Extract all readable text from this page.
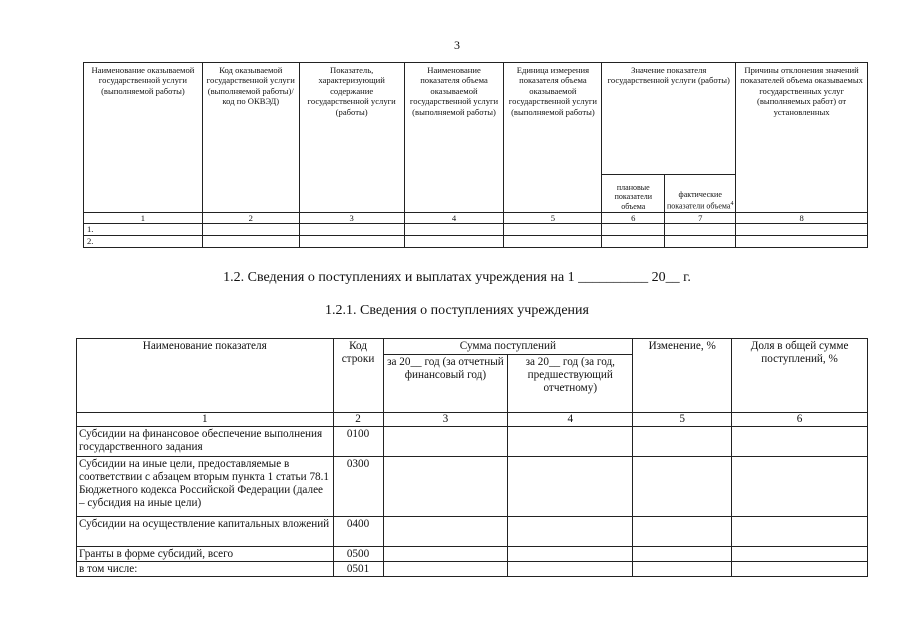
3
Наименование оказываемой государственной услуги (выполняемой работы)	Код оказываемой государственной услуги (выполняемой работы)/код по ОКВЭД)	Показатель, характеризующий содержание государственной услуги (работы)	Наименование показателя объема оказываемой государственной услуги (выполняемой работы)	Единица измерения показателя объема оказываемой государственной услуги (выполняемой работы)	Значение показателя государственной услуги (работы)		Причины отклонения значений показателей объема оказываемых государственных услуг (выполняемых работ) от установленных
					плановые показатели объема	фактические показатели объема$^4$
1	2	3	4	5	6	7	8
1.							
2.							
1.2. Сведения о поступлениях и выплатах учреждения на 1 __________ 20__ г.
1.2.1. Сведения о поступлениях учреждения
Наименование показателя	Код строки	Сумма поступлений		Изменение, %	Доля в общей сумме поступлений, %
		за 20__ год (за отчетный финансовый год)	за 20__ год (за год, предшествующий отчетному)		
1	2	3	4	5	6
Субсидии на финансовое обеспечение выполнения государственного задания	0100				
Субсидии на иные цели, предоставляемые в соответствии с абзацем вторым пункта 1 статьи 78.1 Бюджетного кодекса Российской Федерации (далее – субсидия на иные цели)	0300				
Субсидии на осуществление капитальных вложений	0400				
Гранты в форме субсидий, всего	0500				
в том числе:	0501				
